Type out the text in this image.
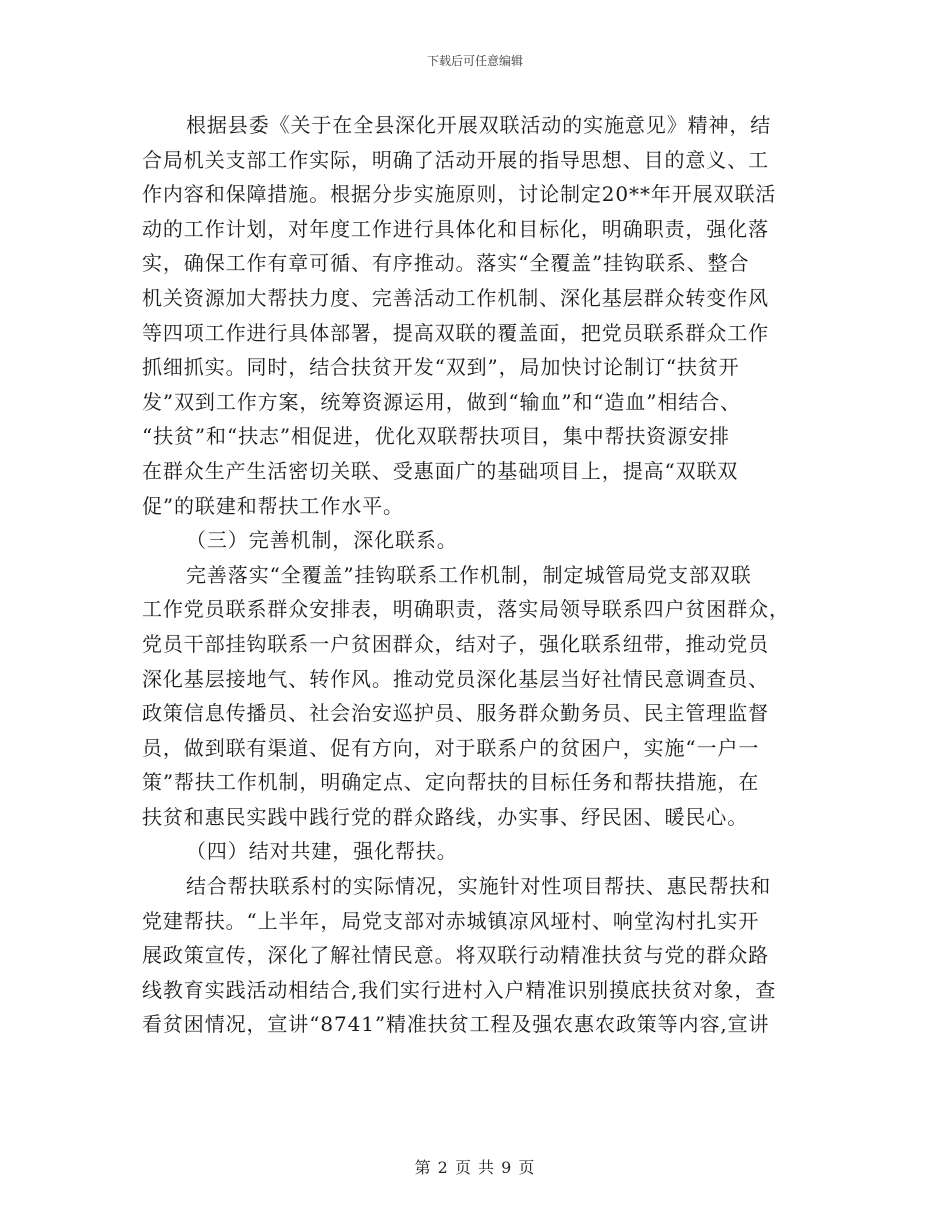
下载后可任意编辑
根据县委《关于在全县深化开展双联活动的实施意见》精神，结
合局机关支部工作实际，明确了活动开展的指导思想、目的意义、工
作内容和保障措施。根据分步实施原则，讨论制定20**年开展双联活
动的工作计划，对年度工作进行具体化和目标化，明确职责，强化落
实，确保工作有章可循、有序推动。落实“全覆盖”挂钩联系、整合
机关资源加大帮扶力度、完善活动工作机制、深化基层群众转变作风
等四项工作进行具体部署，提高双联的覆盖面，把党员联系群众工作
抓细抓实。同时，结合扶贫开发“双到”，局加快讨论制订“扶贫开
发”双到工作方案，统筹资源运用，做到“输血”和“造血”相结合、
“扶贫”和“扶志”相促进，优化双联帮扶项目，集中帮扶资源安排
在群众生产生活密切关联、受惠面广的基础项目上，提高“双联双
促”的联建和帮扶工作水平。
（三）完善机制，深化联系。
完善落实“全覆盖”挂钩联系工作机制，制定城管局党支部双联
工作党员联系群众安排表，明确职责，落实局领导联系四户贫困群众，
党员干部挂钩联系一户贫困群众，结对子，强化联系纽带，推动党员
深化基层接地气、转作风。推动党员深化基层当好社情民意调查员、
政策信息传播员、社会治安巡护员、服务群众勤务员、民主管理监督
员，做到联有渠道、促有方向，对于联系户的贫困户，实施“一户一
策”帮扶工作机制，明确定点、定向帮扶的目标任务和帮扶措施，在
扶贫和惠民实践中践行党的群众路线，办实事、纾民困、暖民心。
（四）结对共建，强化帮扶。
结合帮扶联系村的实际情况，实施针对性项目帮扶、惠民帮扶和
党建帮扶。“上半年，局党支部对赤城镇凉风垭村、响堂沟村扎实开
展政策宣传，深化了解社情民意。将双联行动精准扶贫与党的群众路
线教育实践活动相结合,我们实行进村入户精准识别摸底扶贫对象，查
看贫困情况，宣讲“8741”精准扶贫工程及强农惠农政策等内容,宣讲
第 2 页 共 9 页
